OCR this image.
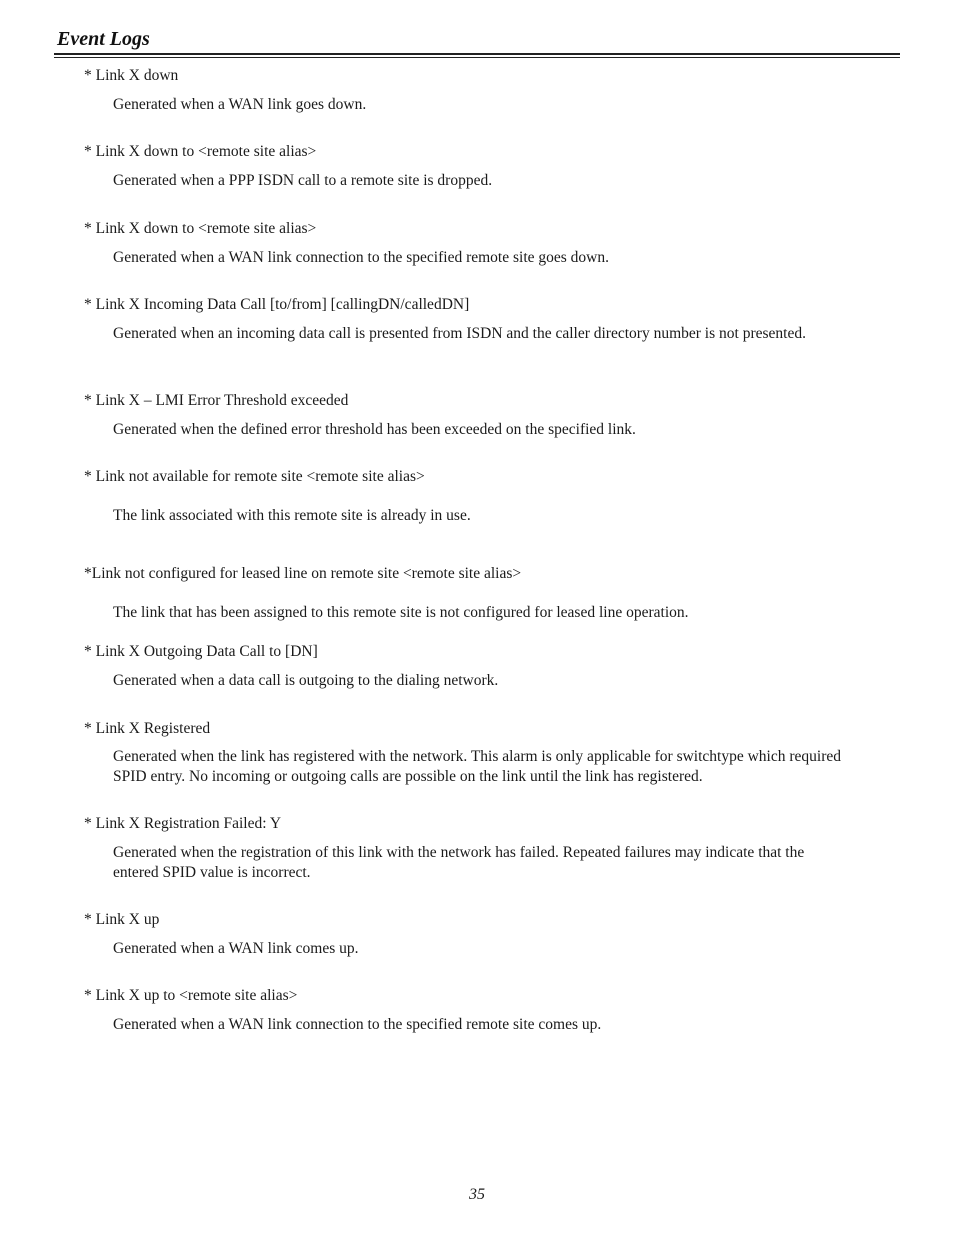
Event Logs
* Link X down
Generated when a WAN link goes down.
* Link X down to <remote site alias>
Generated when a PPP ISDN call to a remote site is dropped.
* Link X down to <remote site alias>
Generated when a WAN link connection to the specified remote site goes down.
* Link X Incoming Data Call [to/from] [callingDN/calledDN]
Generated when an incoming data call is presented from ISDN and the caller directory number is not presented.
* Link X – LMI Error Threshold exceeded
Generated when the defined error threshold has been exceeded on the specified link.
* Link not available for remote site <remote site alias>
The link associated with this remote site is already in use.
*Link not configured for leased line on remote site <remote site alias>
The link that has been assigned to this remote site is not configured for leased line operation.
* Link X Outgoing Data Call to [DN]
Generated when a data call is outgoing to the dialing network.
* Link X Registered
Generated when the link has registered with the network. This alarm is only applicable for switchtype which required SPID entry. No incoming or outgoing calls are possible on the link until the link has registered.
* Link X Registration Failed: Y
Generated when the registration of this link with the network has failed. Repeated failures may indicate that the entered SPID value is incorrect.
* Link X up
Generated when a WAN link comes up.
* Link X up to <remote site alias>
Generated when a WAN link connection to the specified remote site comes up.
35
